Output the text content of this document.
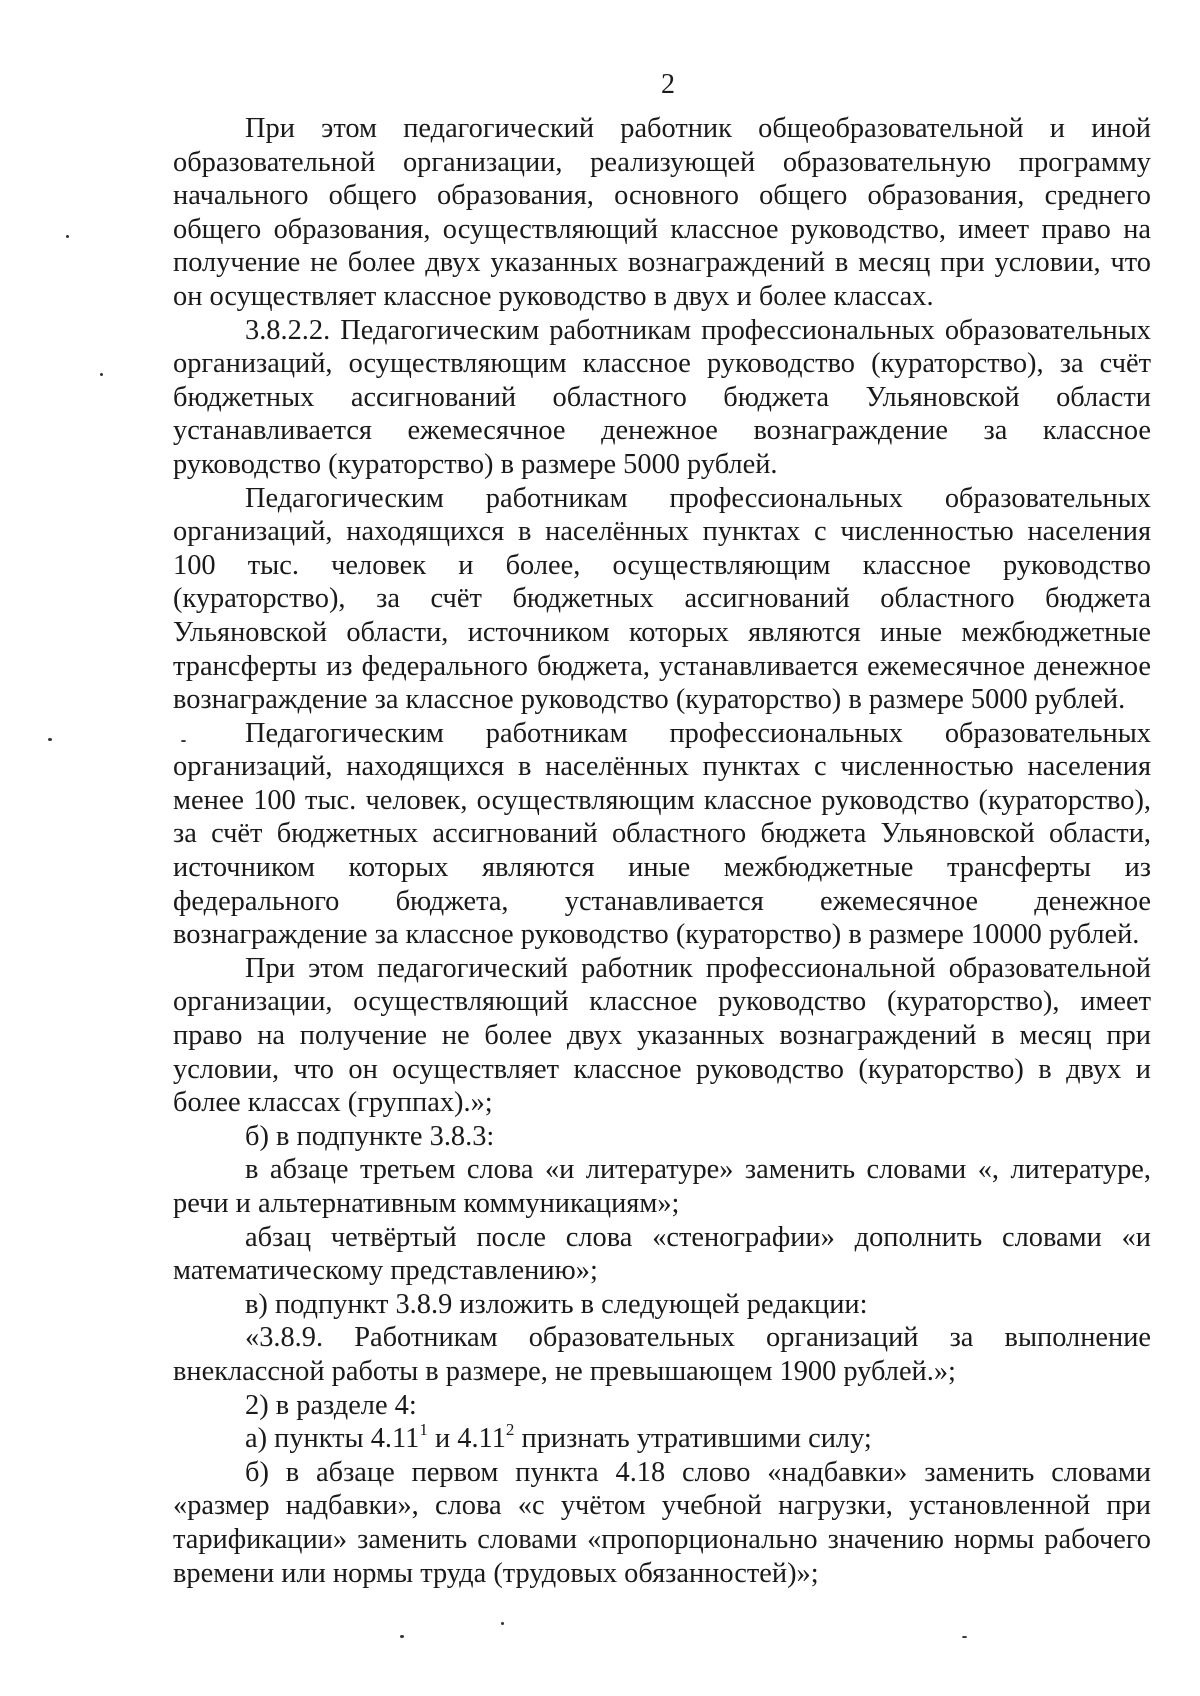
2

При этом педагогический работник общеобразовательной и иной образовательной организации, реализующей образовательную программу начального общего образования, основного общего образования, среднего общего образования, осуществляющий классное руководство, имеет право на получение не более двух указанных вознаграждений в месяц при условии, что он осуществляет классное руководство в двух и более классах.

3.8.2.2. Педагогическим работникам профессиональных образовательных организаций, осуществляющим классное руководство (кураторство), за счёт бюджетных ассигнований областного бюджета Ульяновской области устанавливается ежемесячное денежное вознаграждение за классное руководство (кураторство) в размере 5000 рублей.

Педагогическим работникам профессиональных образовательных организаций, находящихся в населённых пунктах с численностью населения 100 тыс. человек и более, осуществляющим классное руководство (кураторство), за счёт бюджетных ассигнований областного бюджета Ульяновской области, источником которых являются иные межбюджетные трансферты из федерального бюджета, устанавливается ежемесячное денежное вознаграждение за классное руководство (кураторство) в размере 5000 рублей.

Педагогическим работникам профессиональных образовательных организаций, находящихся в населённых пунктах с численностью населения менее 100 тыс. человек, осуществляющим классное руководство (кураторство), за счёт бюджетных ассигнований областного бюджета Ульяновской области, источником которых являются иные межбюджетные трансферты из федерального бюджета, устанавливается ежемесячное денежное вознаграждение за классное руководство (кураторство) в размере 10000 рублей.

При этом педагогический работник профессиональной образовательной организации, осуществляющий классное руководство (кураторство), имеет право на получение не более двух указанных вознаграждений в месяц при условии, что он осуществляет классное руководство (кураторство) в двух и более классах (группах).»;

б) в подпункте 3.8.3:

в абзаце третьем слова «и литературе» заменить словами «, литературе, речи и альтернативным коммуникациям»;

абзац четвёртый после слова «стенографии» дополнить словами «и математическому представлению»;

в) подпункт 3.8.9 изложить в следующей редакции:

«3.8.9. Работникам образовательных организаций за выполнение внеклассной работы в размере, не превышающем 1900 рублей.»;

2) в разделе 4:

а) пункты 4.11$^1$ и 4.11$^2$ признать утратившими силу;

б) в абзаце первом пункта 4.18 слово «надбавки» заменить словами «размер надбавки», слова «с учётом учебной нагрузки, установленной при тарификации» заменить словами «пропорционально значению нормы рабочего времени или нормы труда (трудовых обязанностей)»;
